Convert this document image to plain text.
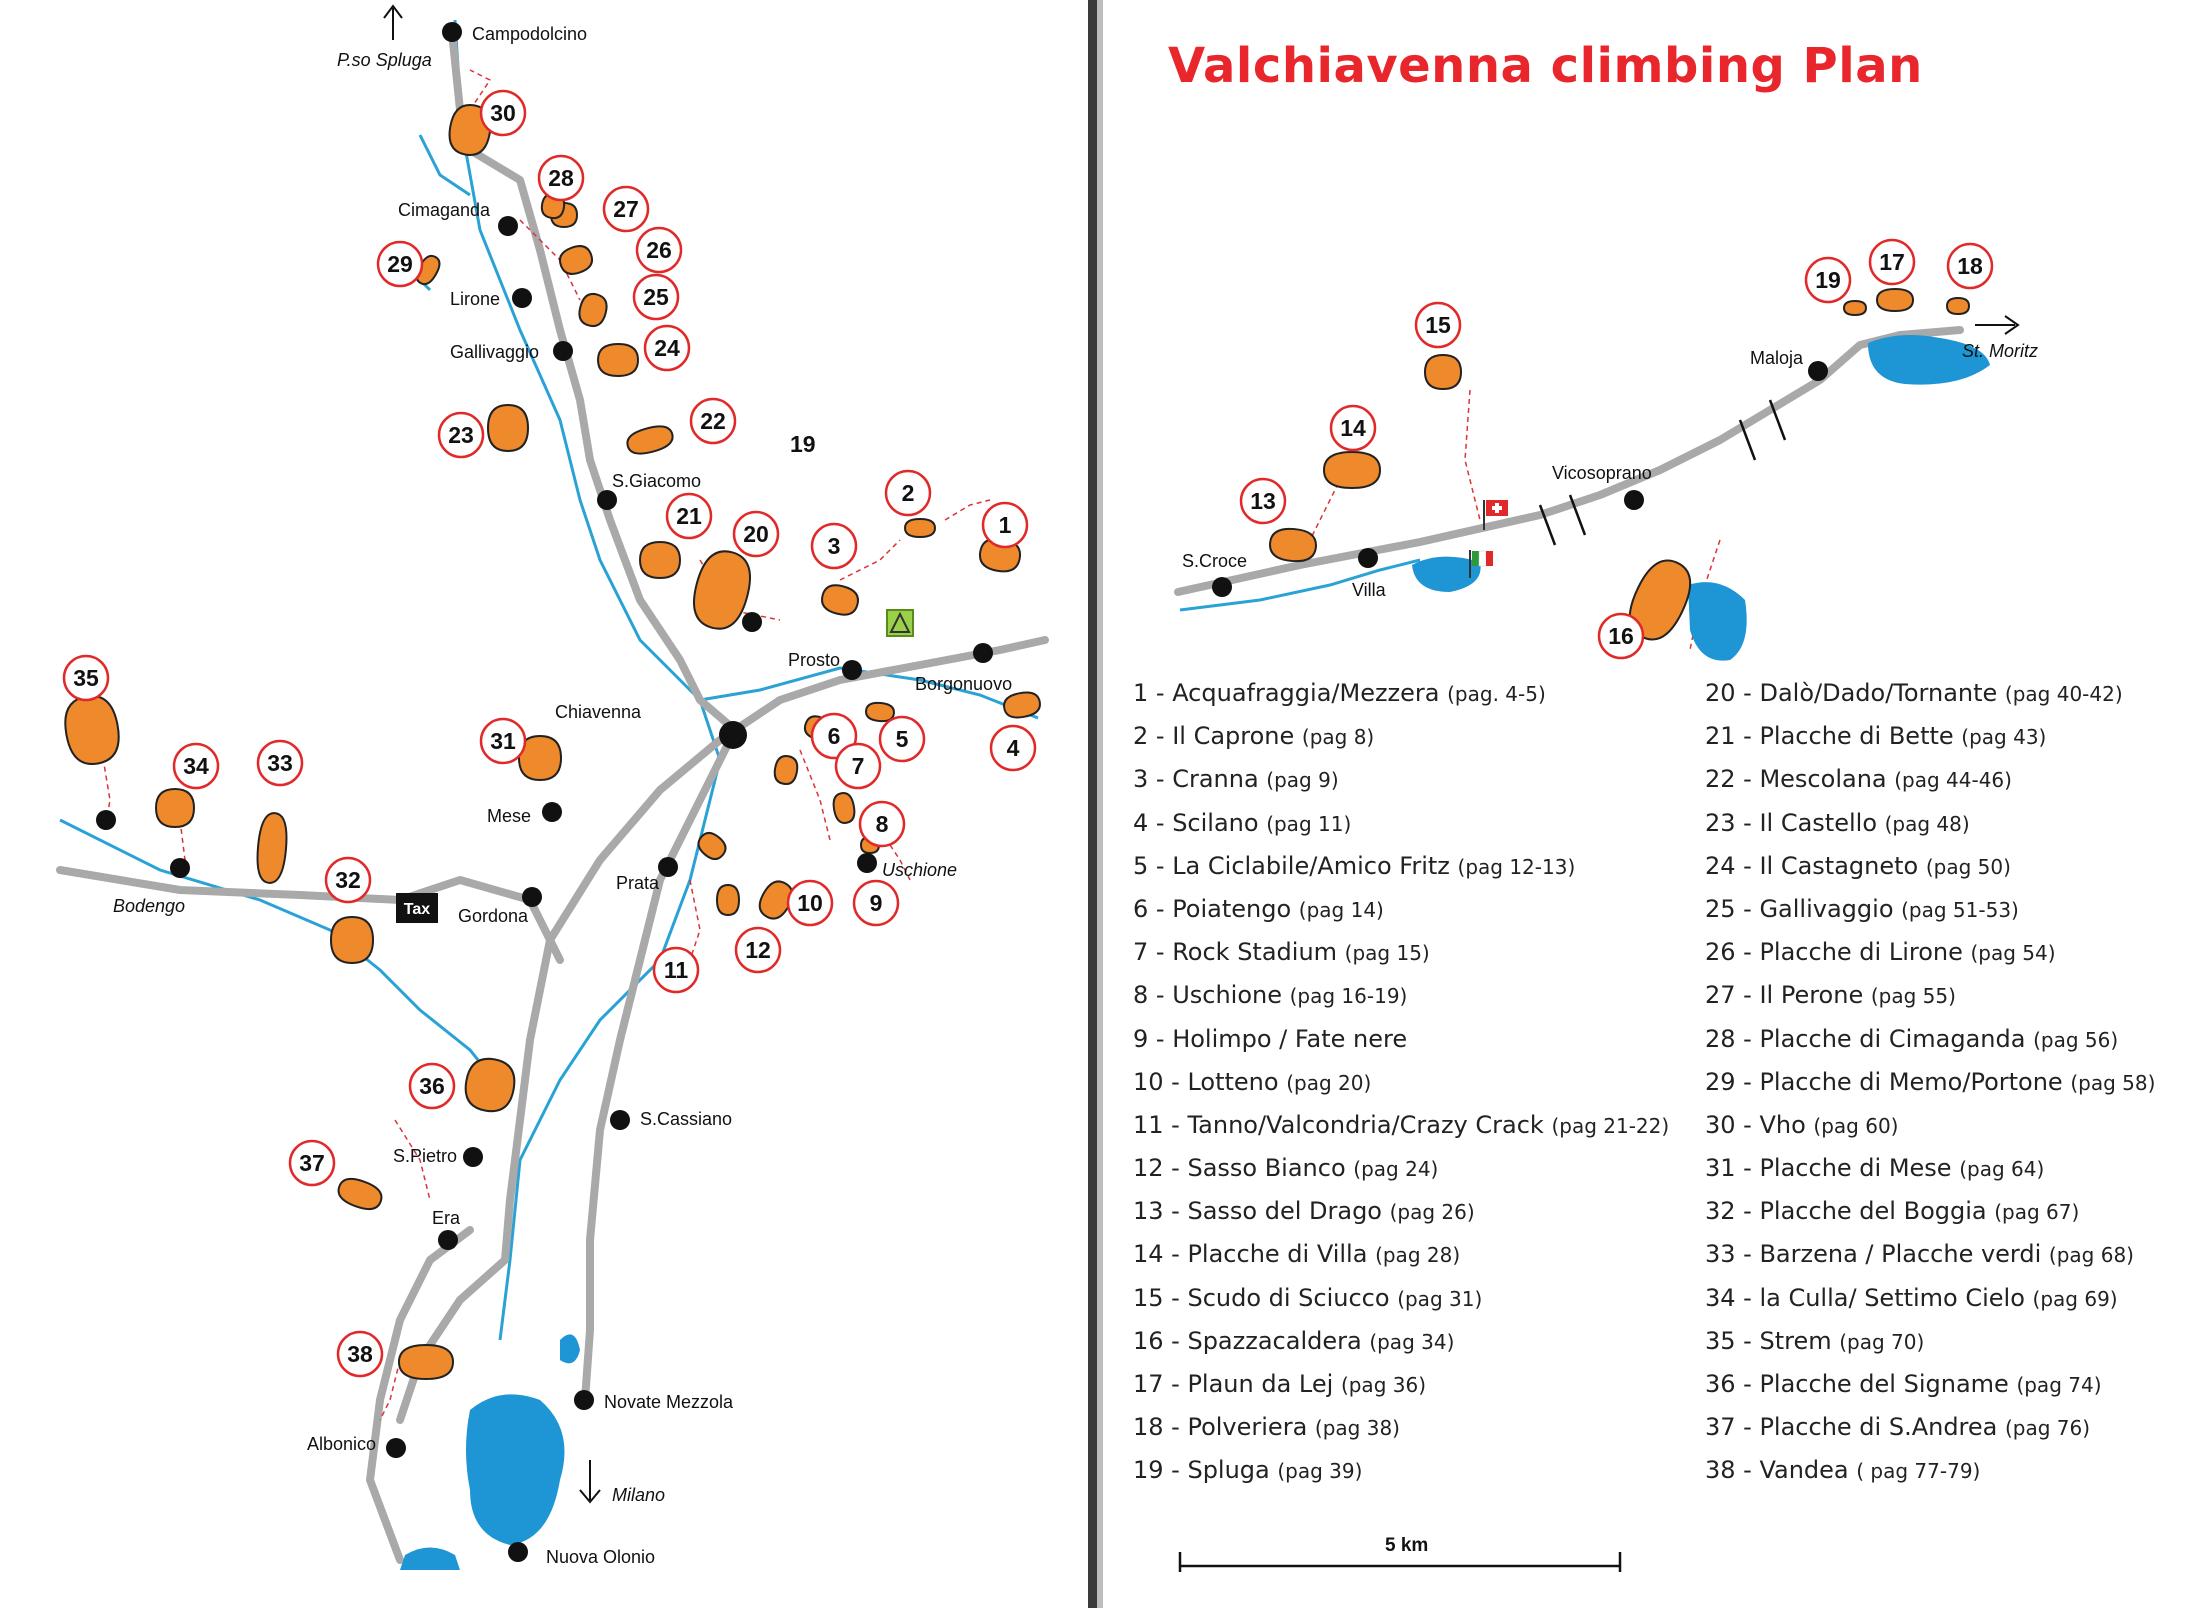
1
2
3
4
5
6
7
8
9
10
11
12
13
14
15
16
17 18
19
20
21
22
23
24
25
26
27
28
29
30
31
32
33
34
35
36
37
38
Tax
Campodolcino
P.so Spluga
Cimaganda
Lirone
Gallivaggio
S.Giacomo
19
Prosto
Borgonuovo
Chiavenna
Mese
Uschione
Prata
Gordona
Bodengo
S.Cassiano
S.Pietro
Era
Novate Mezzola
Albonico
Milano
Nuova Olonio
Maloja	St. Moritz
Vicosoprano
S.Croce
Villa
Valchiavenna climbing Plan
1 - Acquafraggia/Mezzera (pag. 4-5)
2 - Il Caprone (pag 8)
3 - Cranna (pag 9)
4 - Scilano (pag 11)
5 - La Ciclabile/Amico Fritz (pag 12-13)
6 - Poiatengo (pag 14)
7 - Rock Stadium (pag 15)
8 - Uschione (pag 16-19)
9 - Holimpo / Fate nere
10 - Lotteno (pag 20)
11 - Tanno/Valcondria/Crazy Crack (pag 21-22)
12 - Sasso Bianco (pag 24)
13 - Sasso del Drago (pag 26)
14 - Placche di Villa (pag 28)
15 - Scudo di Sciucco (pag 31)
16 - Spazzacaldera (pag 34)
17 - Plaun da Lej (pag 36)
18 - Polveriera (pag 38)
19 - Spluga (pag 39)
20 - Dalò/Dado/Tornante (pag 40-42)
21 - Placche di Bette (pag 43)
22 - Mescolana (pag 44-46)
23 - Il Castello (pag 48)
24 - Il Castagneto (pag 50)
25 - Gallivaggio (pag 51-53)
26 - Placche di Lirone (pag 54)
27 - Il Perone (pag 55)
28 - Placche di Cimaganda (pag 56)
29 - Placche di Memo/Portone (pag 58)
30 - Vho (pag 60)
31 - Placche di Mese (pag 64)
32 - Placche del Boggia (pag 67)
33 - Barzena / Placche verdi (pag 68)
34 - la Culla/ Settimo Cielo (pag 69)
35 - Strem (pag 70)
36 - Placche del Signame (pag 74)
37 - Placche di S.Andrea (pag 76)
38 - Vandea ( pag 77-79)
5 km
